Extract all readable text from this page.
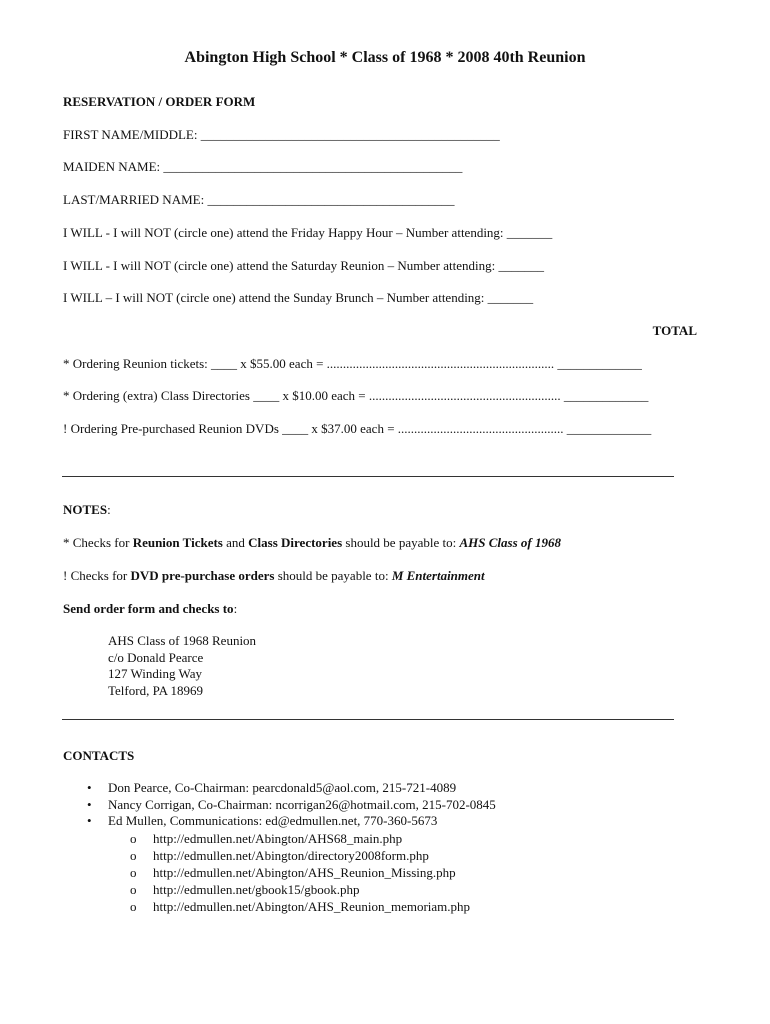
Abington High School * Class of 1968 * 2008 40th Reunion
RESERVATION / ORDER FORM
FIRST NAME/MIDDLE: ______________________________________________
MAIDEN NAME: ______________________________________________
LAST/MARRIED NAME: ______________________________________
I WILL - I will NOT (circle one) attend the Friday Happy Hour – Number attending: _______
I WILL - I will NOT (circle one) attend the Saturday Reunion – Number attending: _______
I WILL – I will NOT (circle one) attend the Sunday Brunch – Number attending: _______
TOTAL
* Ordering Reunion tickets: ____ x $55.00 each = ...................................................................... _____________
* Ordering (extra) Class Directories ____ x $10.00 each = ........................................................... _____________
! Ordering Pre-purchased Reunion DVDs ____ x $37.00 each = ................................................... _____________
NOTES:
* Checks for Reunion Tickets and Class Directories should be payable to: AHS Class of 1968
! Checks for DVD pre-purchase orders should be payable to: M Entertainment
Send order form and checks to:
AHS Class of 1968 Reunion
c/o Donald Pearce
127 Winding Way
Telford, PA 18969
CONTACTS
• Don Pearce, Co-Chairman: pearcdonald5@aol.com, 215-721-4089
• Nancy Corrigan, Co-Chairman: ncorrigan26@hotmail.com, 215-702-0845
• Ed Mullen, Communications: ed@edmullen.net, 770-360-5673
o http://edmullen.net/Abington/AHS68_main.php
o http://edmullen.net/Abington/directory2008form.php
o http://edmullen.net/Abington/AHS_Reunion_Missing.php
o http://edmullen.net/gbook15/gbook.php
o http://edmullen.net/Abington/AHS_Reunion_memoriam.php
